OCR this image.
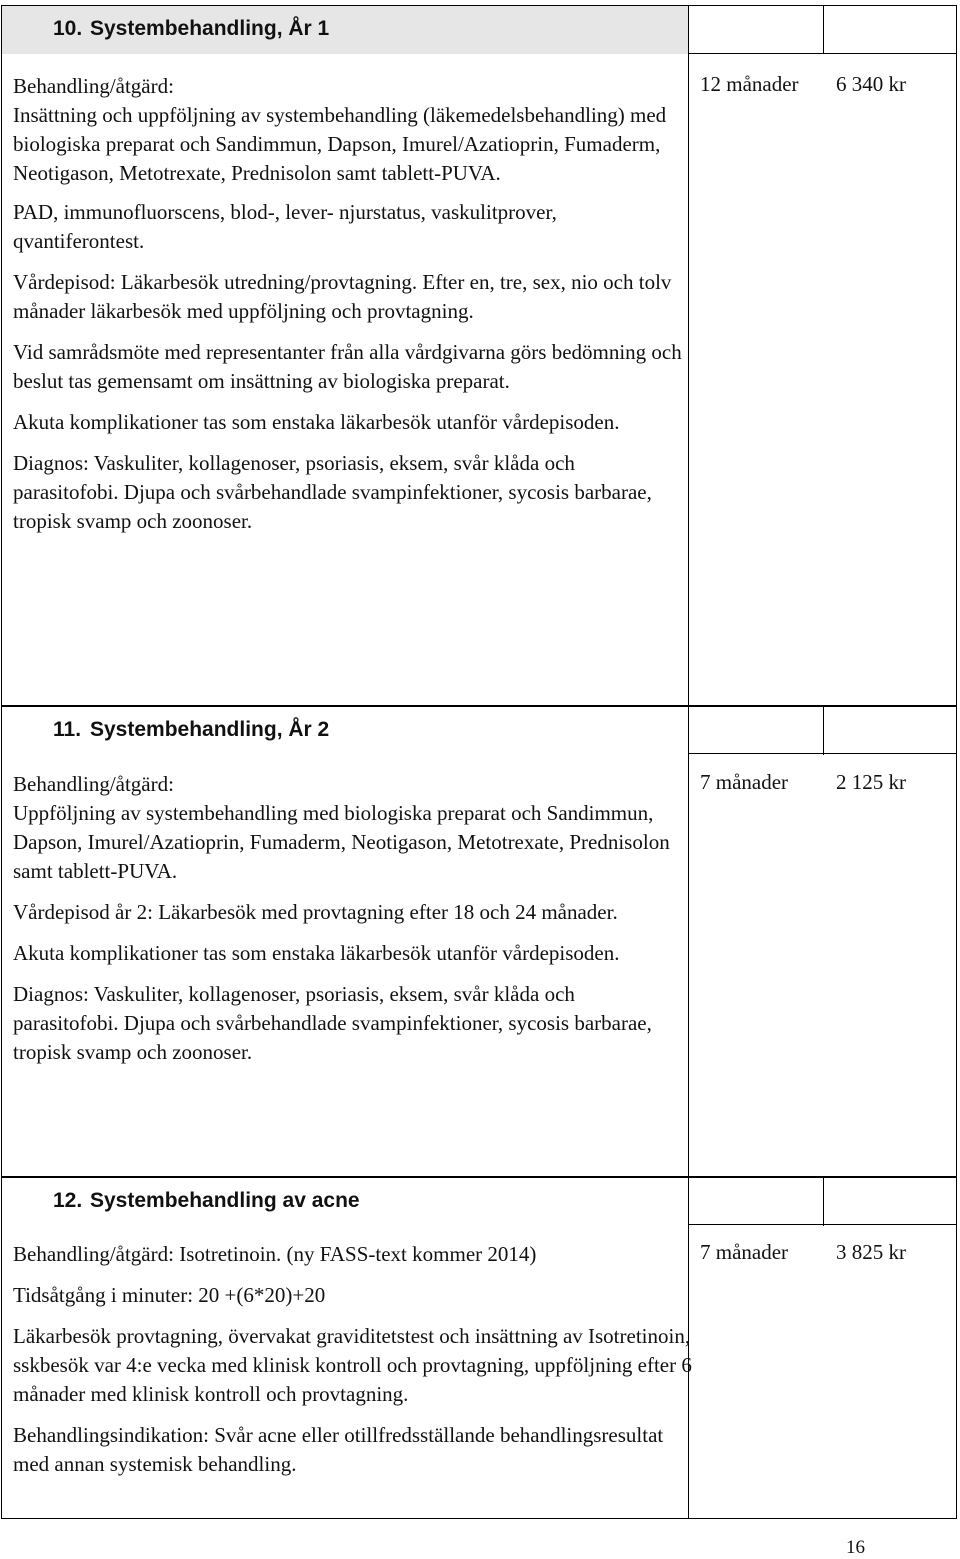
10. Systembehandling, År 1

Behandling/åtgärd:
Insättning och uppföljning av systembehandling (läkemedelsbehandling) med biologiska preparat och Sandimmun, Dapson, Imurel/Azatioprin, Fumaderm, Neotigason, Metotrexate, Prednisolon samt tablett-PUVA.

PAD, immunofluorscens, blod-, lever- njurstatus, vaskulitprover, qvantiferontest.

Vårdepisod: Läkarbesök utredning/provtagning. Efter en, tre, sex, nio och tolv månader läkarbesök med uppföljning och provtagning.

Vid samrådsmöte med representanter från alla vårdgivarna görs bedömning och beslut tas gemensamt om insättning av biologiska preparat.

Akuta komplikationer tas som enstaka läkarbesök utanför vårdepisoden.

Diagnos: Vaskuliter, kollagenoser, psoriasis, eksem, svår klåda och parasitofobi. Djupa och svårbehandlade svampinfektioner, sycosis barbarae, tropisk svamp och zoonoser.

12 månader 6 340 kr
11. Systembehandling, År 2

Behandling/åtgärd:
Uppföljning av systembehandling med biologiska preparat och Sandimmun, Dapson, Imurel/Azatioprin, Fumaderm, Neotigason, Metotrexate, Prednisolon samt tablett-PUVA.

Vårdepisod år 2: Läkarbesök med provtagning efter 18 och 24 månader.

Akuta komplikationer tas som enstaka läkarbesök utanför vårdepisoden.

Diagnos: Vaskuliter, kollagenoser, psoriasis, eksem, svår klåda och parasitofobi. Djupa och svårbehandlade svampinfektioner, sycosis barbarae, tropisk svamp och zoonoser.

7 månader 2 125 kr
12. Systembehandling av acne

Behandling/åtgärd: Isotretinoin. (ny FASS-text kommer 2014)

Tidsåtgång i minuter: 20 +(6*20)+20

Läkarbesök provtagning, övervakat graviditetstest och insättning av Isotretinoin, sskbesök var 4:e vecka med klinisk kontroll och provtagning, uppföljning efter 6 månader med klinisk kontroll och provtagning.

Behandlingsindikation: Svår acne eller otillfredsställande behandlingsresultat med annan systemisk behandling.

7 månader 3 825 kr
16
